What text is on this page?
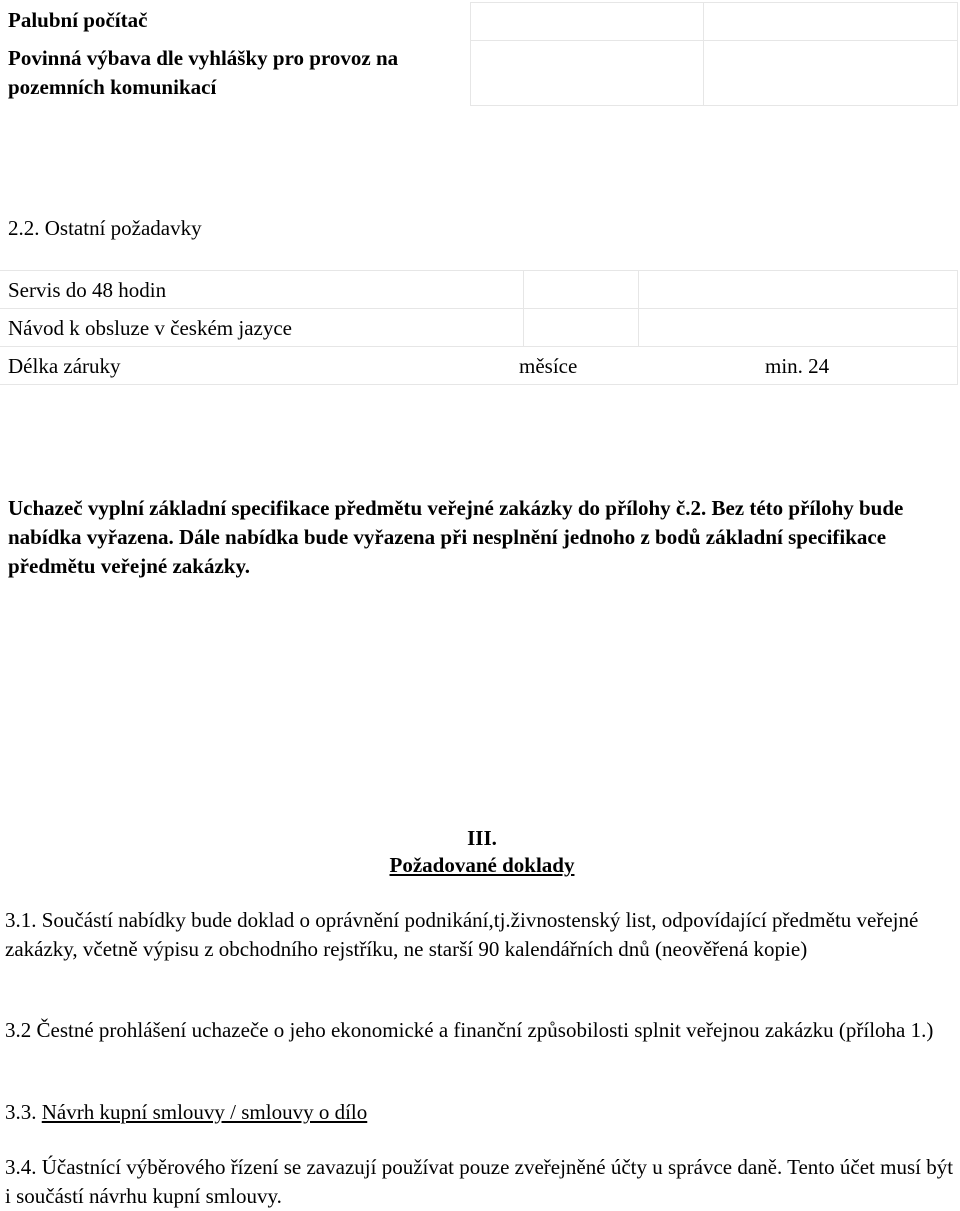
Palubní počítač
Povinná výbava dle vyhlášky pro provoz na pozemních komunikací
2.2. Ostatní požadavky
Servis do 48 hodin
Návod k obsluze v českém jazyce
Délka záruky	měsíce	min. 24
Uchazeč vyplní základní specifikace předmětu veřejné zakázky do přílohy č.2. Bez této přílohy bude nabídka vyřazena. Dále nabídka bude vyřazena při nesplnění jednoho z bodů základní specifikace předmětu veřejné zakázky.
III.
Požadované doklady
3.1. Součástí nabídky bude doklad o oprávnění podnikání,tj.živnostenský list, odpovídající předmětu veřejné zakázky, včetně výpisu z obchodního rejstříku, ne starší 90 kalendářních dnů (neověřená kopie)
3.2 Čestné prohlášení uchazeče o jeho ekonomické a finanční způsobilosti splnit veřejnou zakázku (příloha 1.)
3.3. Návrh kupní smlouvy / smlouvy o dílo
3.4. Účastnící výběrového řízení se zavazují používat pouze zveřejněné účty u správce daně. Tento účet musí být i součástí návrhu kupní smlouvy.
